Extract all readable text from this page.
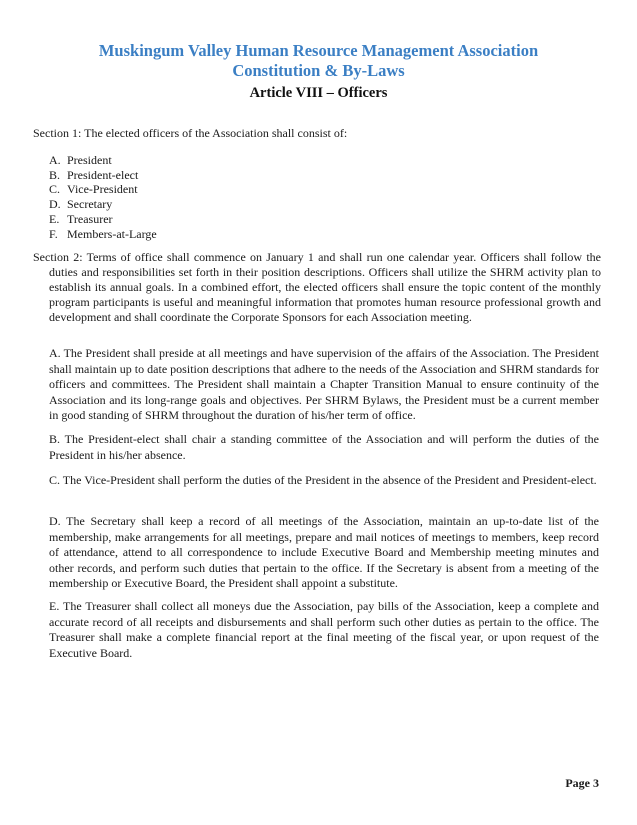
Muskingum Valley Human Resource Management Association
Constitution & By-Laws
Article VIII – Officers
Section 1: The elected officers of the Association shall consist of:
A. President
B. President-elect
C. Vice-President
D. Secretary
E. Treasurer
F. Members-at-Large
Section 2: Terms of office shall commence on January 1 and shall run one calendar year. Officers shall follow the duties and responsibilities set forth in their position descriptions. Officers shall utilize the SHRM activity plan to establish its annual goals. In a combined effort, the elected officers shall ensure the topic content of the monthly program participants is useful and meaningful information that promotes human resource professional growth and development and shall coordinate the Corporate Sponsors for each Association meeting.

A. The President shall preside at all meetings and have supervision of the affairs of the Association. The President shall maintain up to date position descriptions that adhere to the needs of the Association and SHRM standards for officers and committees. The President shall maintain a Chapter Transition Manual to ensure continuity of the Association and its long-range goals and objectives. Per SHRM Bylaws, the President must be a current member in good standing of SHRM throughout the duration of his/her term of office.

B. The President-elect shall chair a standing committee of the Association and will perform the duties of the President in his/her absence.

C. The Vice-President shall perform the duties of the President in the absence of the President and President-elect.

D. The Secretary shall keep a record of all meetings of the Association, maintain an up-to-date list of the membership, make arrangements for all meetings, prepare and mail notices of meetings to members, keep record of attendance, attend to all correspondence to include Executive Board and Membership meeting minutes and other records, and perform such duties that pertain to the office. If the Secretary is absent from a meeting of the membership or Executive Board, the President shall appoint a substitute.

E. The Treasurer shall collect all moneys due the Association, pay bills of the Association, keep a complete and accurate record of all receipts and disbursements and shall perform such other duties as pertain to the office. The Treasurer shall make a complete financial report at the final meeting of the fiscal year, or upon request of the Executive Board.

Page 3
